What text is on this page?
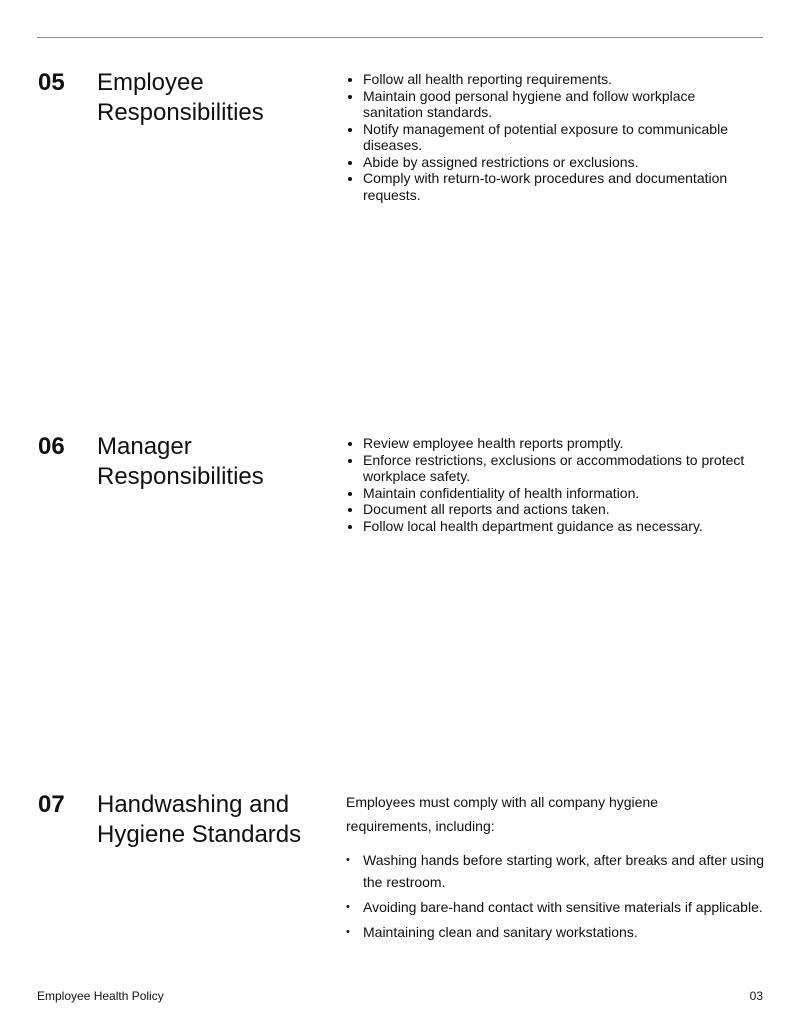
05 Employee Responsibilities
• Follow all health reporting requirements.
• Maintain good personal hygiene and follow workplace sanitation standards.
• Notify management of potential exposure to communicable diseases.
• Abide by assigned restrictions or exclusions.
• Comply with return-to-work procedures and documentation requests.
06 Manager Responsibilities
• Review employee health reports promptly.
• Enforce restrictions, exclusions or accommodations to protect workplace safety.
• Maintain confidentiality of health information.
• Document all reports and actions taken.
• Follow local health department guidance as necessary.
07 Handwashing and Hygiene Standards
Employees must comply with all company hygiene requirements, including:
• Washing hands before starting work, after breaks and after using the restroom.
• Avoiding bare-hand contact with sensitive materials if applicable.
• Maintaining clean and sanitary workstations.
Employee Health Policy	03
